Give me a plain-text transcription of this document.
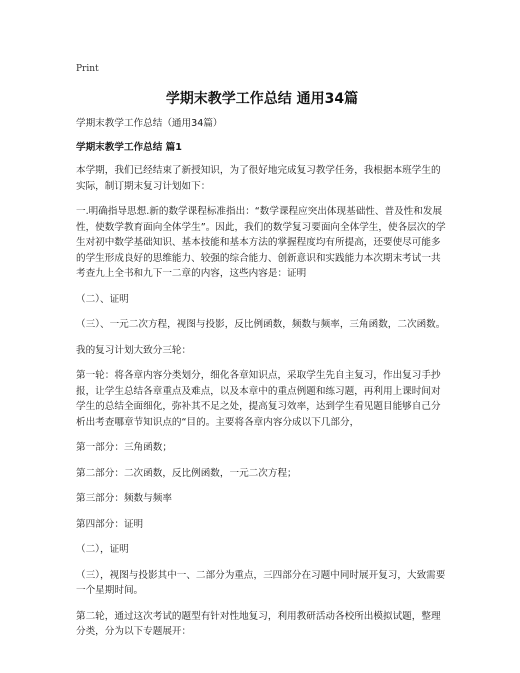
Print
学期末教学工作总结 通用34篇

学期末教学工作总结（通用34篇）

学期末教学工作总结 篇1

本学期，我们已经结束了新授知识，为了很好地完成复习教学任务，我根据本班学生的实际，制订期末复习计划如下：

一.明确指导思想.新的数学课程标准指出：“数学课程应突出体现基础性、普及性和发展性，使数学教育面向全体学生”。因此，我们的数学复习要面向全体学生，使各层次的学生对初中数学基础知识、基本技能和基本方法的掌握程度均有所提高，还要使尽可能多的学生形成良好的思维能力、较强的综合能力、创新意识和实践能力本次期末考试一共考查九上全书和九下一二章的内容，这些内容是：证明

（二）、证明

（三）、一元二次方程，视图与投影，反比例函数，频数与频率，三角函数，二次函数。

我的复习计划大致分三轮：

第一轮：将各章内容分类划分，细化各章知识点，采取学生先自主复习，作出复习手抄报，让学生总结各章重点及难点，以及本章中的重点例题和练习题，再利用上课时间对学生的总结全面细化，弥补其不足之处，提高复习效率，达到学生看见题目能够自己分析出考查哪章节知识点的“目的。主要将各章内容分成以下几部分，

第一部分：三角函数；

第二部分：二次函数，反比例函数，一元二次方程；

第三部分：频数与频率

第四部分：证明

（二），证明

（三），视图与投影其中一、二部分为重点，三四部分在习题中同时展开复习，大致需要一个星期时间。

第二轮，通过这次考试的题型有针对性地复习，利用教研活动各校所出模拟试题，整理分类，分为以下专题展开：
